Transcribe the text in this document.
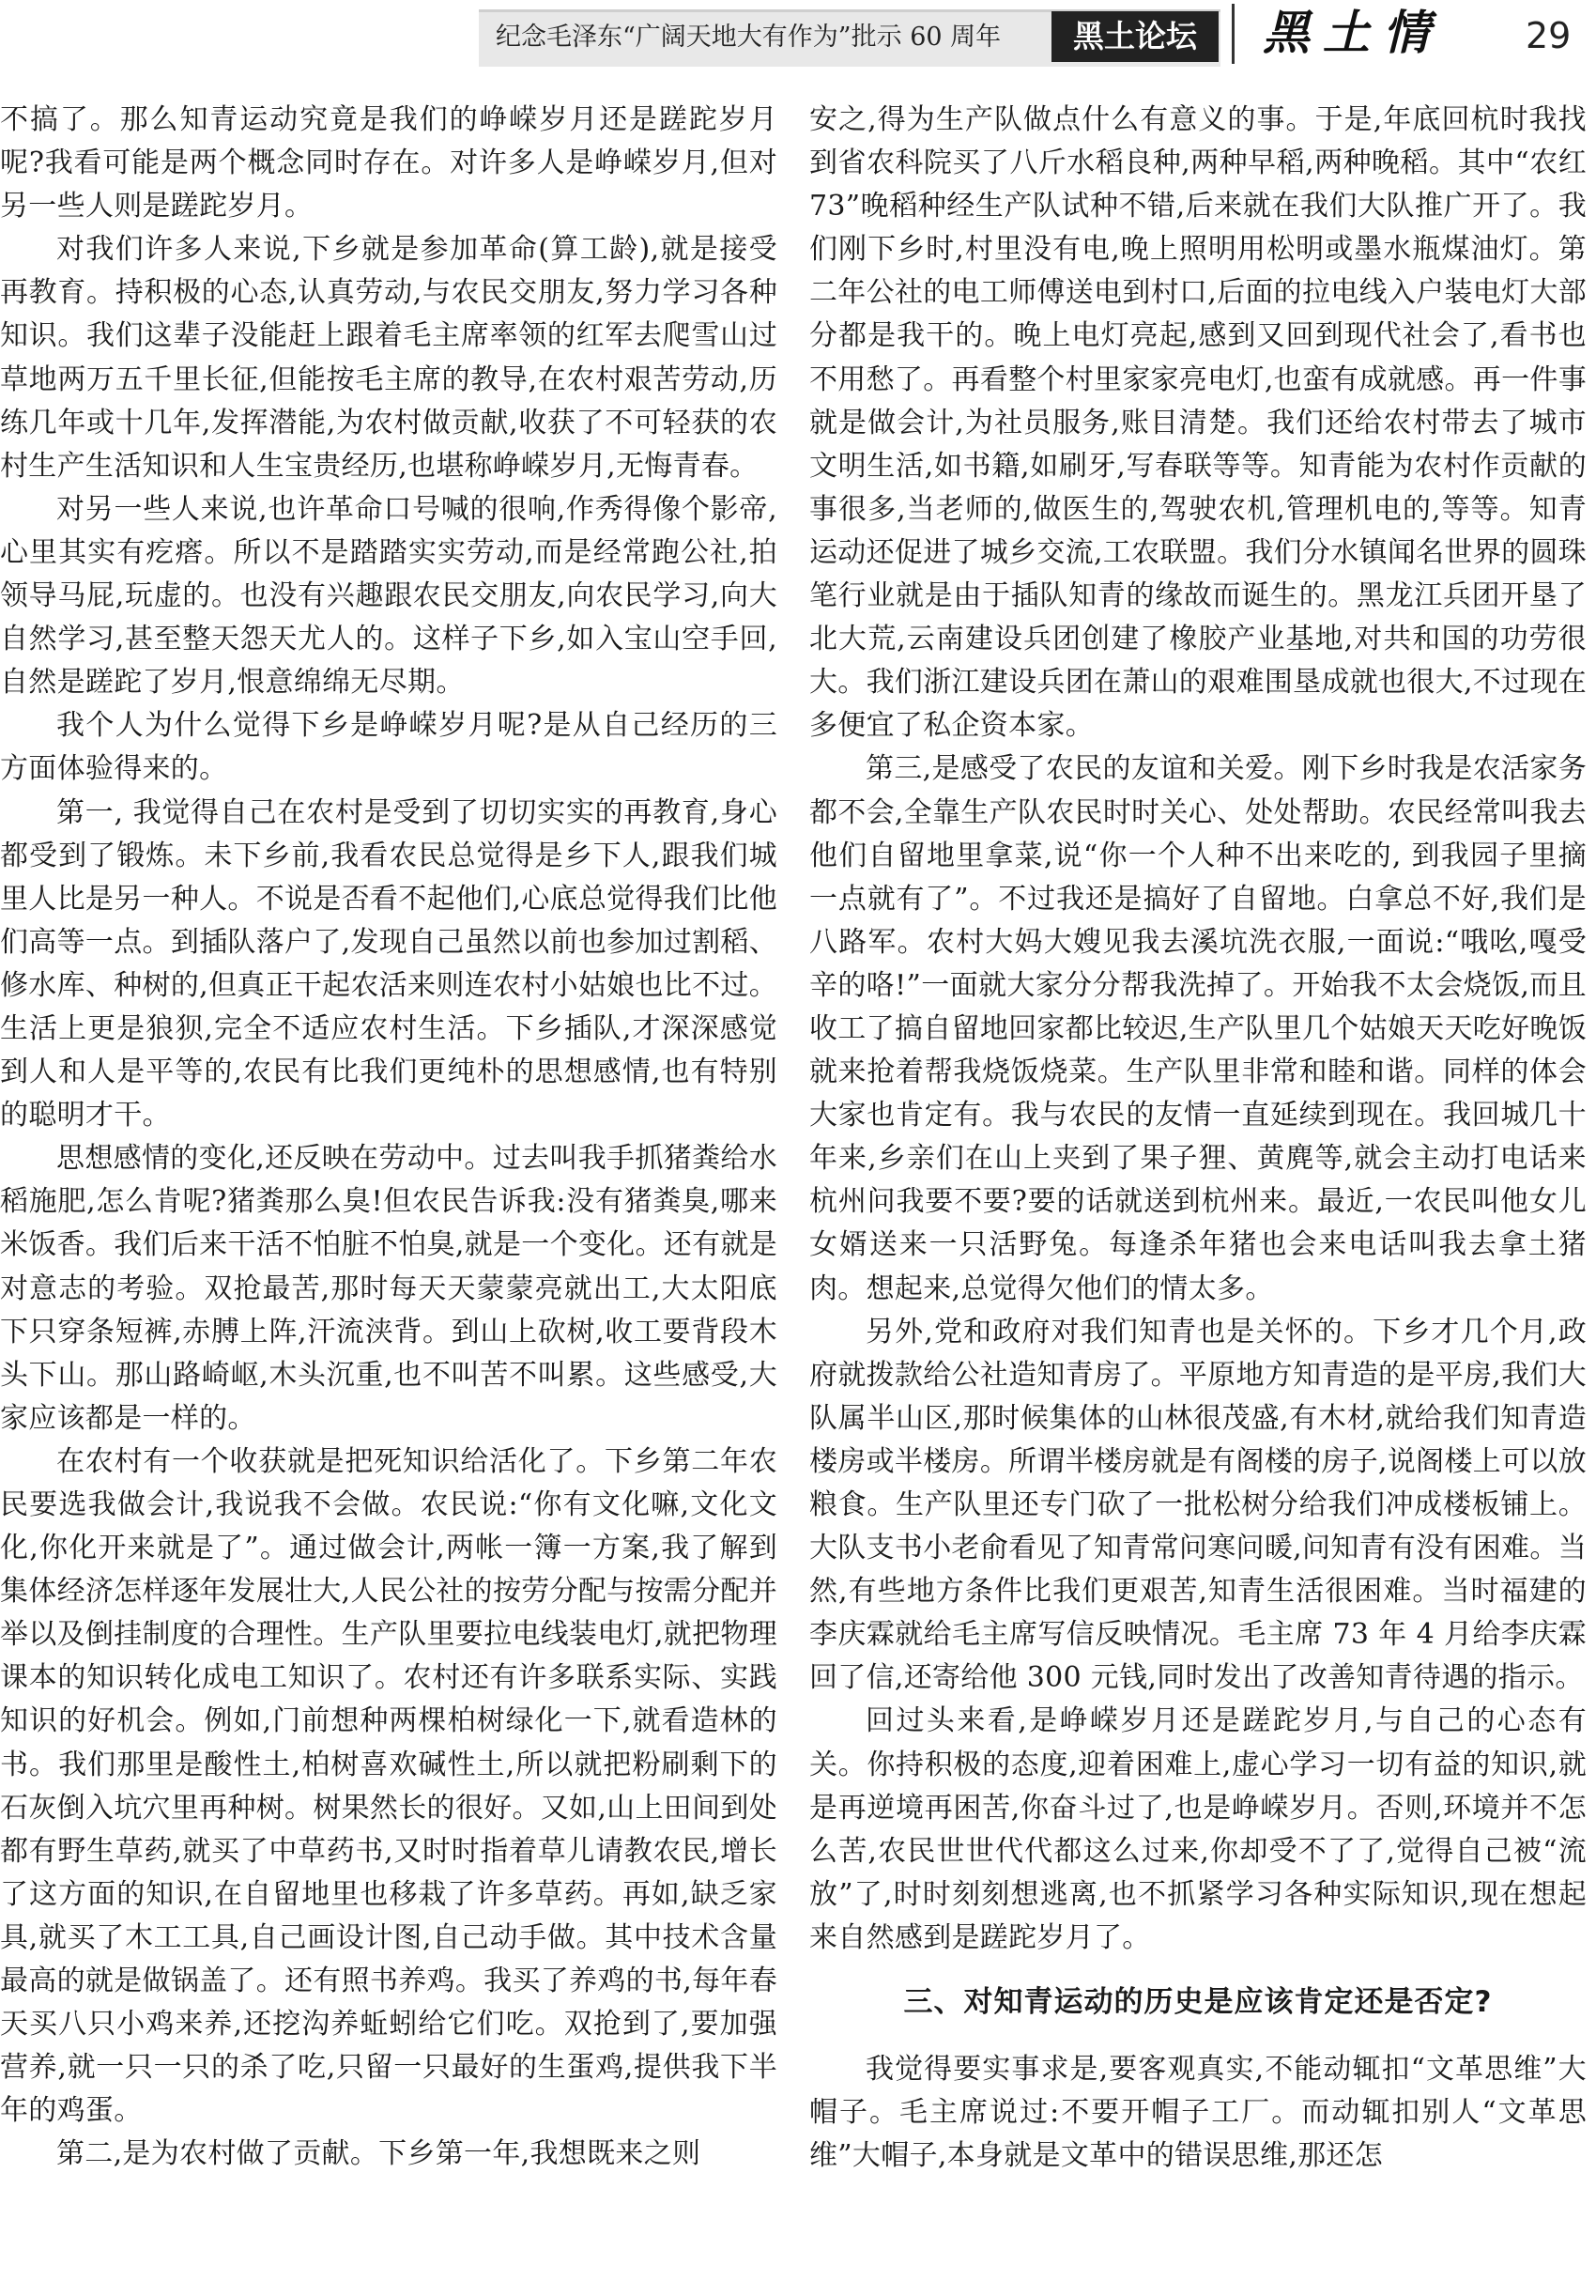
纪念毛泽东“广阔天地大有作为”批示 60 周年	黑土论坛	黑土情 29

不搞了。那么知青运动究竟是我们的峥嵘岁月还是蹉跎岁月呢?我看可能是两个概念同时存在。对许多人是峥嵘岁月,但对另一些人则是蹉跎岁月。

对我们许多人来说,下乡就是参加革命(算工龄),就是接受再教育。持积极的心态,认真劳动,与农民交朋友,努力学习各种知识。我们这辈子没能赶上跟着毛主席率领的红军去爬雪山过草地两万五千里长征,但能按毛主席的教导,在农村艰苦劳动,历练几年或十几年,发挥潜能,为农村做贡献,收获了不可轻获的农村生产生活知识和人生宝贵经历,也堪称峥嵘岁月,无悔青春。

对另一些人来说,也许革命口号喊的很响,作秀得像个影帝,心里其实有疙瘩。所以不是踏踏实实劳动,而是经常跑公社,拍领导马屁,玩虚的。也没有兴趣跟农民交朋友,向农民学习,向大自然学习,甚至整天怨天尤人的。这样子下乡,如入宝山空手回,自然是蹉跎了岁月,恨意绵绵无尽期。

我个人为什么觉得下乡是峥嵘岁月呢?是从自己经历的三方面体验得来的。

第一, 我觉得自己在农村是受到了切切实实的再教育,身心都受到了锻炼。未下乡前,我看农民总觉得是乡下人,跟我们城里人比是另一种人。不说是否看不起他们,心底总觉得我们比他们高等一点。到插队落户了,发现自己虽然以前也参加过割稻、修水库、种树的,但真正干起农活来则连农村小姑娘也比不过。生活上更是狼狈,完全不适应农村生活。下乡插队,才深深感觉到人和人是平等的,农民有比我们更纯朴的思想感情,也有特别的聪明才干。

思想感情的变化,还反映在劳动中。过去叫我手抓猪粪给水稻施肥,怎么肯呢?猪粪那么臭!但农民告诉我:没有猪粪臭,哪来米饭香。我们后来干活不怕脏不怕臭,就是一个变化。还有就是对意志的考验。双抢最苦,那时每天天蒙蒙亮就出工,大太阳底下只穿条短裤,赤膊上阵,汗流浃背。到山上砍树,收工要背段木头下山。那山路崎岖,木头沉重,也不叫苦不叫累。这些感受,大家应该都是一样的。

在农村有一个收获就是把死知识给活化了。下乡第二年农民要选我做会计,我说我不会做。农民说:“你有文化嘛,文化文化,你化开来就是了”。通过做会计,两帐一簿一方案,我了解到集体经济怎样逐年发展壮大,人民公社的按劳分配与按需分配并举以及倒挂制度的合理性。生产队里要拉电线装电灯,就把物理课本的知识转化成电工知识了。农村还有许多联系实际、实践知识的好机会。例如,门前想种两棵柏树绿化一下,就看造林的书。我们那里是酸性土,柏树喜欢碱性土,所以就把粉刷剩下的石灰倒入坑穴里再种树。树果然长的很好。又如,山上田间到处都有野生草药,就买了中草药书,又时时指着草儿请教农民,增长了这方面的知识,在自留地里也移栽了许多草药。再如,缺乏家具,就买了木工工具,自己画设计图,自己动手做。其中技术含量最高的就是做锅盖了。还有照书养鸡。我买了养鸡的书,每年春天买八只小鸡来养,还挖沟养蚯蚓给它们吃。双抢到了,要加强营养,就一只一只的杀了吃,只留一只最好的生蛋鸡,提供我下半年的鸡蛋。

第二,是为农村做了贡献。下乡第一年,我想既来之则

安之,得为生产队做点什么有意义的事。于是,年底回杭时我找到省农科院买了八斤水稻良种,两种早稻,两种晚稻。其中“农红 73”晚稻种经生产队试种不错,后来就在我们大队推广开了。我们刚下乡时,村里没有电,晚上照明用松明或墨水瓶煤油灯。第二年公社的电工师傅送电到村口,后面的拉电线入户装电灯大部分都是我干的。晚上电灯亮起,感到又回到现代社会了,看书也不用愁了。再看整个村里家家亮电灯,也蛮有成就感。再一件事就是做会计,为社员服务,账目清楚。我们还给农村带去了城市文明生活,如书籍,如刷牙,写春联等等。知青能为农村作贡献的事很多,当老师的,做医生的,驾驶农机,管理机电的,等等。知青运动还促进了城乡交流,工农联盟。我们分水镇闻名世界的圆珠笔行业就是由于插队知青的缘故而诞生的。黑龙江兵团开垦了北大荒,云南建设兵团创建了橡胶产业基地,对共和国的功劳很大。我们浙江建设兵团在萧山的艰难围垦成就也很大,不过现在多便宜了私企资本家。

第三,是感受了农民的友谊和关爱。刚下乡时我是农活家务都不会,全靠生产队农民时时关心、处处帮助。农民经常叫我去他们自留地里拿菜,说“你一个人种不出来吃的, 到我园子里摘一点就有了”。不过我还是搞好了自留地。白拿总不好,我们是八路军。农村大妈大嫂见我去溪坑洗衣服,一面说:“哦吆,嘎受辛的咯!”一面就大家分分帮我洗掉了。开始我不太会烧饭,而且收工了搞自留地回家都比较迟,生产队里几个姑娘天天吃好晚饭就来抢着帮我烧饭烧菜。生产队里非常和睦和谐。同样的体会大家也肯定有。我与农民的友情一直延续到现在。我回城几十年来,乡亲们在山上夹到了果子狸、黄麂等,就会主动打电话来杭州问我要不要?要的话就送到杭州来。最近,一农民叫他女儿女婿送来一只活野兔。每逢杀年猪也会来电话叫我去拿土猪肉。想起来,总觉得欠他们的情太多。

另外,党和政府对我们知青也是关怀的。下乡才几个月,政府就拨款给公社造知青房了。平原地方知青造的是平房,我们大队属半山区,那时候集体的山林很茂盛,有木材,就给我们知青造楼房或半楼房。所谓半楼房就是有阁楼的房子,说阁楼上可以放粮食。生产队里还专门砍了一批松树分给我们冲成楼板铺上。大队支书小老俞看见了知青常问寒问暖,问知青有没有困难。当然,有些地方条件比我们更艰苦,知青生活很困难。当时福建的李庆霖就给毛主席写信反映情况。毛主席 73 年 4 月给李庆霖回了信,还寄给他 300 元钱,同时发出了改善知青待遇的指示。

回过头来看,是峥嵘岁月还是蹉跎岁月,与自己的心态有关。你持积极的态度,迎着困难上,虚心学习一切有益的知识,就是再逆境再困苦,你奋斗过了,也是峥嵘岁月。否则,环境并不怎么苦,农民世世代代都这么过来,你却受不了了,觉得自己被“流放”了,时时刻刻想逃离,也不抓紧学习各种实际知识,现在想起来自然感到是蹉跎岁月了。

三、对知青运动的历史是应该肯定还是否定?

我觉得要实事求是,要客观真实,不能动辄扣“文革思维”大帽子。毛主席说过:不要开帽子工厂。而动辄扣别人“文革思维”大帽子,本身就是文革中的错误思维,那还怎
